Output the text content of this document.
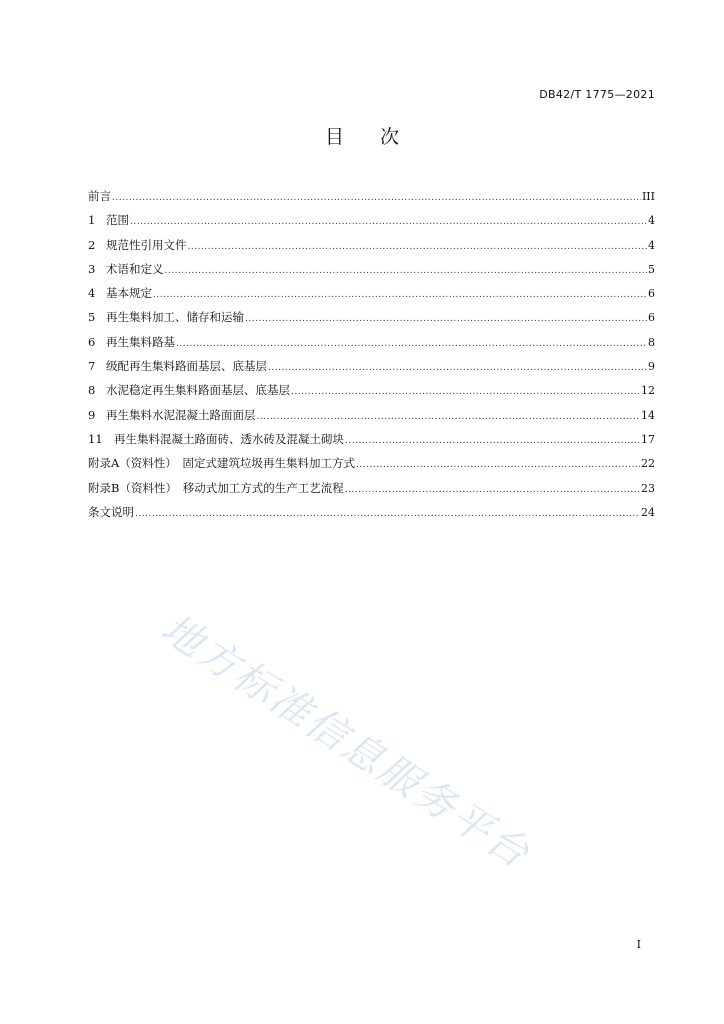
DB42/T 1775—2021
目次
前言 .....	III
1 范围 .....	4
2 规范性引用文件 .....	4
3 术语和定义 .....	5
4 基本规定 .....	6
5 再生集料加工、储存和运输 .....	6
6 再生集料路基 .....	8
7 级配再生集料路面基层、底基层 .....	9
8 水泥稳定再生集料路面基层、底基层 .....	12
9 再生集料水泥混凝土路面面层 .....	14
11 再生集料混凝土路面砖、透水砖及混凝土砌块 .....	17
附录A（资料性）　固定式建筑垃圾再生集料加工方式 .....	22
附录B（资料性）　移动式加工方式的生产工艺流程 .....	23
条文说明 .....	24
地方标准信息服务平台
I
